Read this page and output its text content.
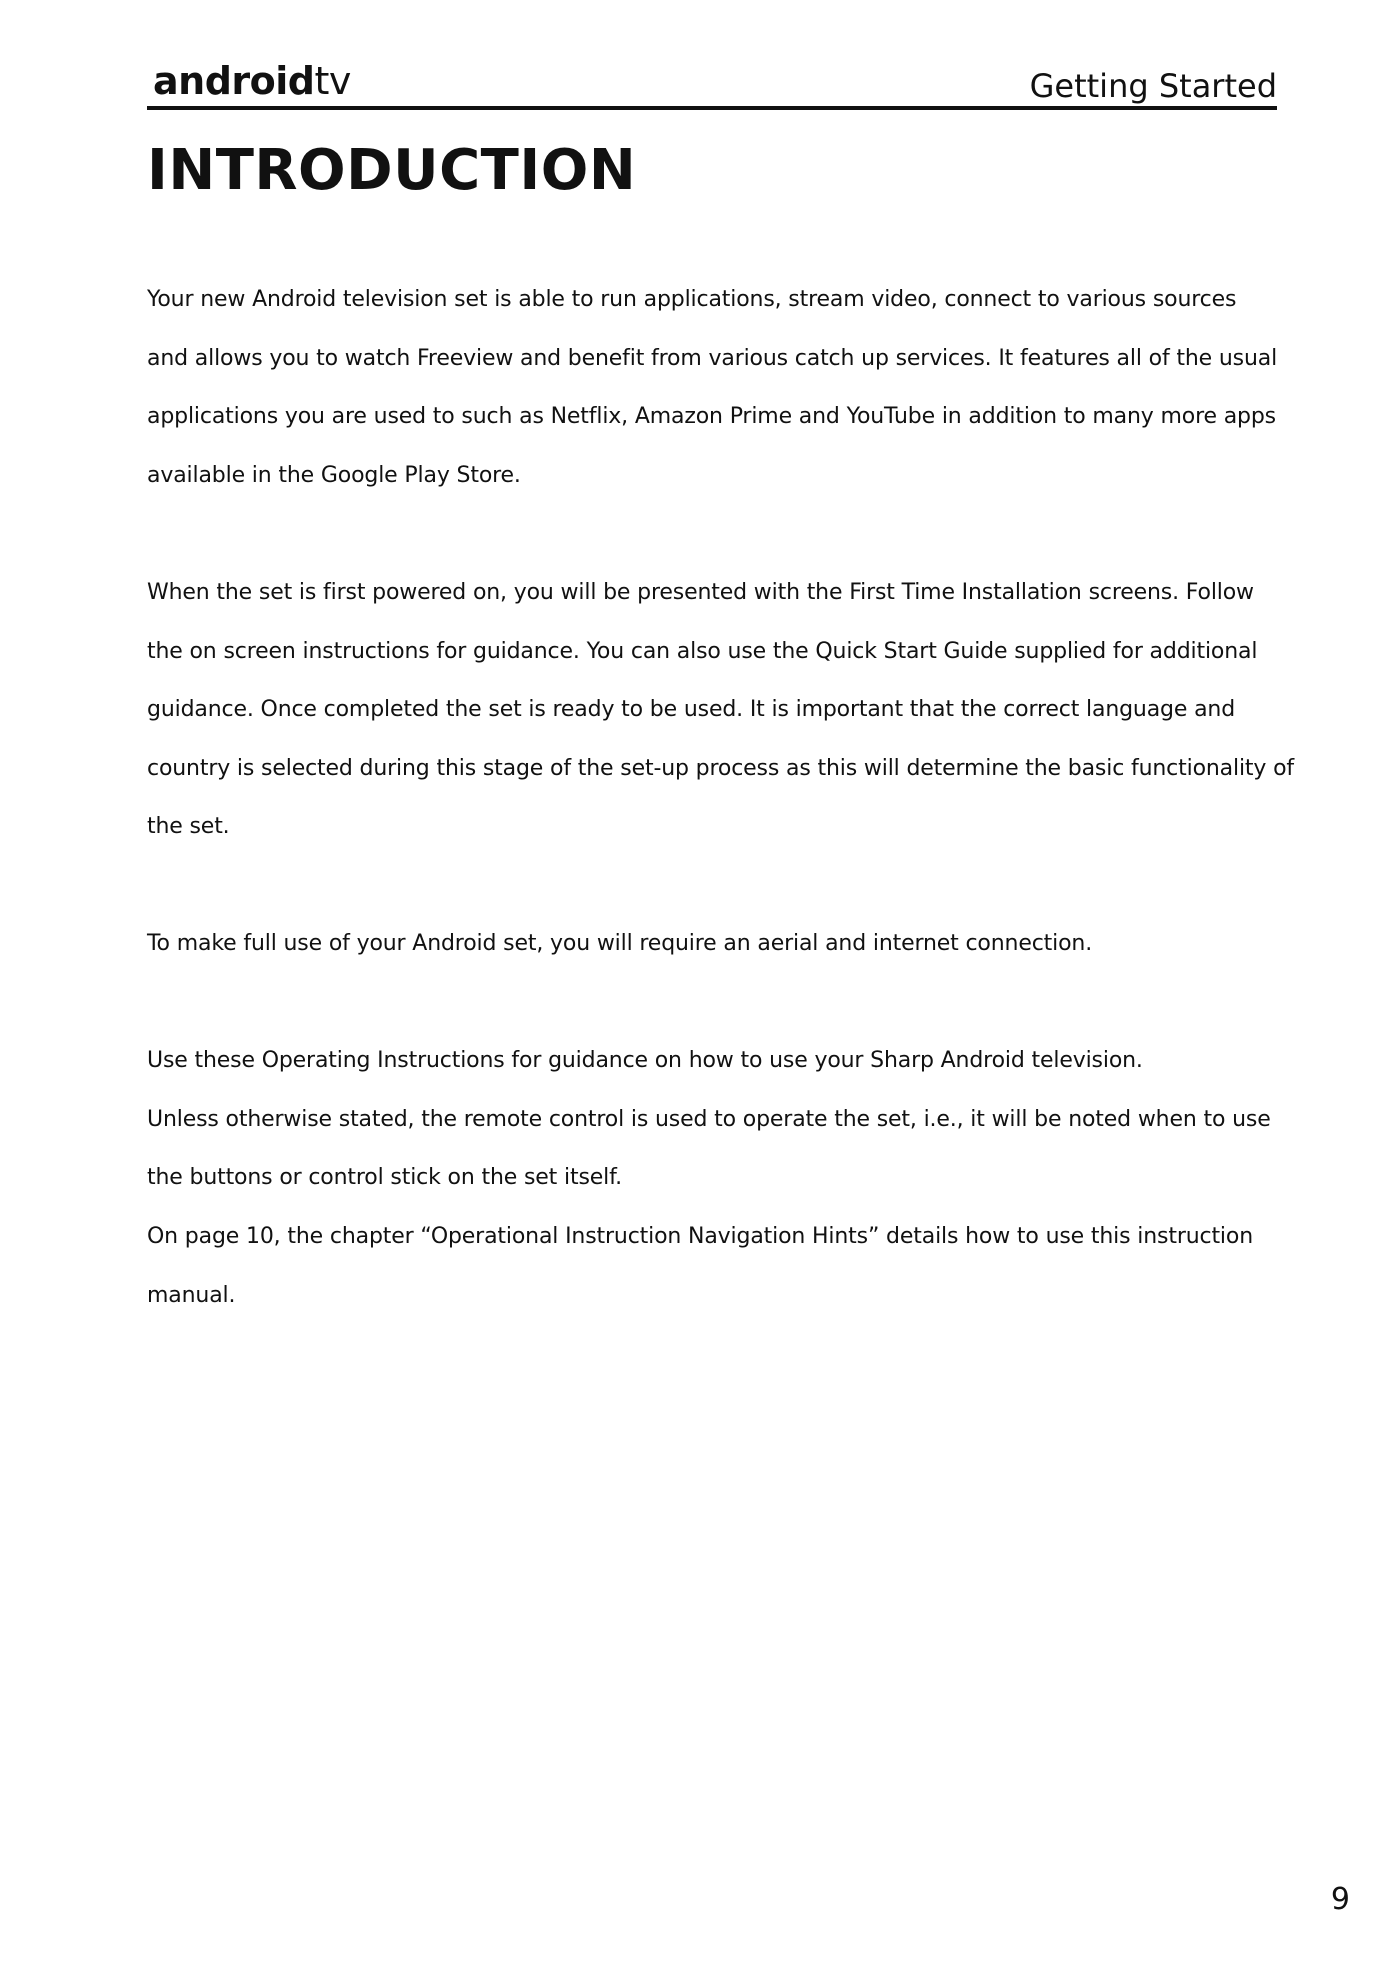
androidtv	Getting Started
INTRODUCTION

Your new Android television set is able to run applications, stream video, connect to various sources

and allows you to watch Freeview and benefit from various catch up services. It features all of the usual

applications you are used to such as Netflix, Amazon Prime and YouTube in addition to many more apps

available in the Google Play Store.

When the set is first powered on, you will be presented with the First Time Installation screens. Follow

the on screen instructions for guidance. You can also use the Quick Start Guide supplied for additional

guidance. Once completed the set is ready to be used. It is important that the correct language and

country is selected during this stage of the set-up process as this will determine the basic functionality of

the set.

To make full use of your Android set, you will require an aerial and internet connection.

Use these Operating Instructions for guidance on how to use your Sharp Android television.

Unless otherwise stated, the remote control is used to operate the set, i.e., it will be noted when to use

the buttons or control stick on the set itself.

On page 10, the chapter “Operational Instruction Navigation Hints” details how to use this instruction

manual.

9
